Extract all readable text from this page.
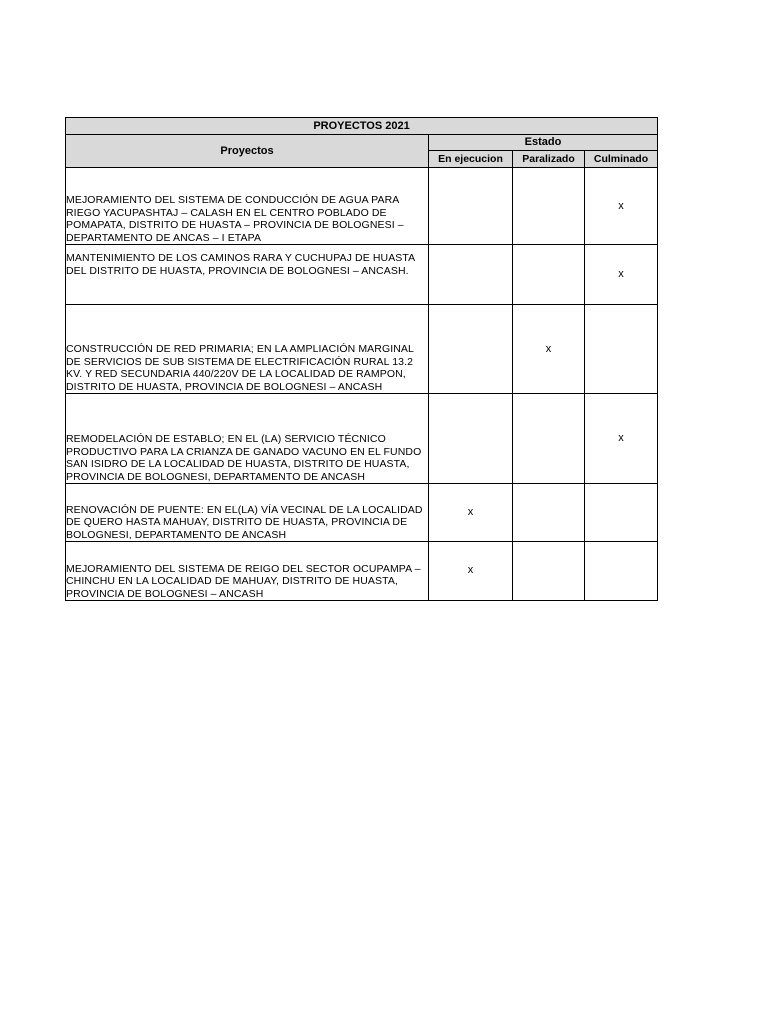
PROYECTOS 2021			
Proyectos	Estado		
	En ejecucion	Paralizado	Culminado
MEJORAMIENTO DEL SISTEMA DE CONDUCCIÓN DE AGUA PARA RIEGO YACUPASHTAJ – CALASH EN EL CENTRO POBLADO DE POMAPATA, DISTRITO DE HUASTA – PROVINCIA DE BOLOGNESI – DEPARTAMENTO DE ANCAS – I ETAPA			x
MANTENIMIENTO DE LOS CAMINOS RARA Y CUCHUPAJ DE HUASTA DEL DISTRITO DE HUASTA, PROVINCIA DE BOLOGNESI – ANCASH.			x
CONSTRUCCIÓN DE RED PRIMARIA; EN LA AMPLIACIÓN MARGINAL DE SERVICIOS DE SUB SISTEMA DE ELECTRIFICACIÓN RURAL 13.2 KV. Y RED SECUNDARIA 440/220V DE LA LOCALIDAD DE RAMPON, DISTRITO DE HUASTA, PROVINCIA DE BOLOGNESI – ANCASH		x	
REMODELACIÓN DE ESTABLO; EN EL (LA) SERVICIO TÉCNICO PRODUCTIVO PARA LA CRIANZA DE GANADO VACUNO EN EL FUNDO SAN ISIDRO DE LA LOCALIDAD DE HUASTA, DISTRITO DE HUASTA, PROVINCIA DE BOLOGNESI, DEPARTAMENTO DE ANCASH			x
RENOVACIÓN DE PUENTE: EN EL(LA) VÍA VECINAL DE LA LOCALIDAD DE QUERO HASTA MAHUAY, DISTRITO DE HUASTA, PROVINCIA DE BOLOGNESI, DEPARTAMENTO DE ANCASH	x		
MEJORAMIENTO DEL SISTEMA DE REIGO DEL SECTOR OCUPAMPA – CHINCHU EN LA LOCALIDAD DE MAHUAY, DISTRITO DE HUASTA, PROVINCIA DE BOLOGNESI – ANCASH	x		
